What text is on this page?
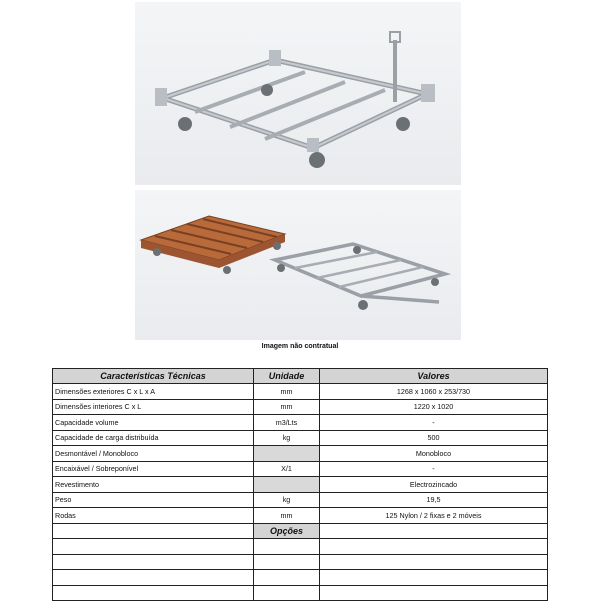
Imagem não contratual
Características Técnicas	Unidade	Valores
Dimensões exteriores C x L x A	mm	1268 x 1060 x 253/730
Dimensões interiores C x L	mm	1220 x 1020
Capacidade volume	m3/Lts	-
Capacidade de carga distribuída	kg	500
Desmontável / Monobloco		Monobloco
Encaixável / Sobreponível	X/1	-
Revestimento		Electrozincado
Peso	kg	19,5
Rodas	mm	125 Nylon / 2 fixas e 2 móveis
	Opções	
